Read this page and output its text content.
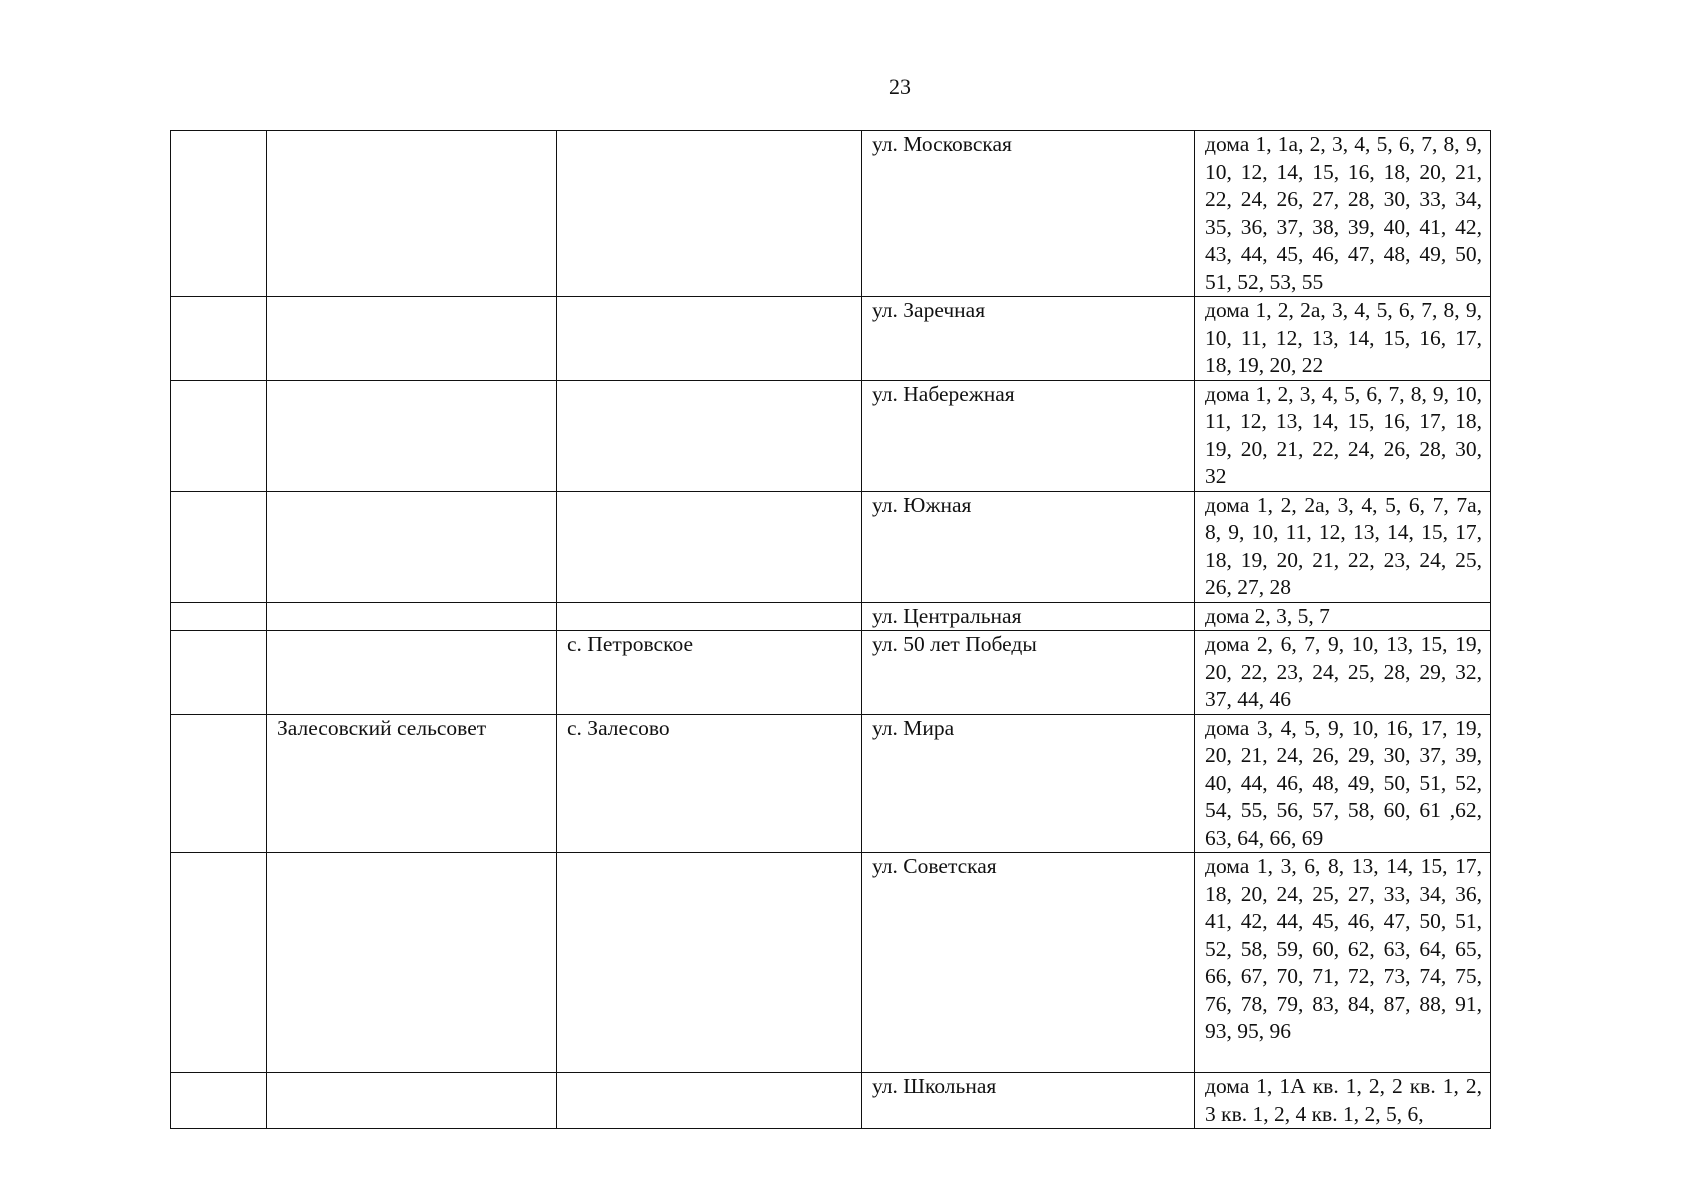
23
			ул. Московская	дома 1, 1а, 2, 3, 4, 5, 6, 7, 8, 9, 10, 12, 14, 15, 16, 18, 20, 21, 22, 24, 26, 27, 28, 30, 33, 34, 35, 36, 37, 38, 39, 40, 41, 42, 43, 44, 45, 46, 47, 48, 49, 50, 51, 52, 53, 55
			ул. Заречная	дома 1, 2, 2а, 3, 4, 5, 6, 7, 8, 9, 10, 11, 12, 13, 14, 15, 16, 17, 18, 19, 20, 22
			ул. Набережная	дома 1, 2, 3, 4, 5, 6, 7, 8, 9, 10, 11, 12, 13, 14, 15, 16, 17, 18, 19, 20, 21, 22, 24, 26, 28, 30, 32
			ул. Южная	дома 1, 2, 2а, 3, 4, 5, 6, 7, 7а, 8, 9, 10, 11, 12, 13, 14, 15, 17, 18, 19, 20, 21, 22, 23, 24, 25, 26, 27, 28
			ул. Центральная	дома 2, 3, 5, 7
		с. Петровское	ул. 50 лет Победы	дома 2, 6, 7, 9, 10, 13, 15, 19, 20, 22, 23, 24, 25, 28, 29, 32, 37, 44, 46
	Залесовский сельсовет	с. Залесово	ул. Мира	дома 3, 4, 5, 9, 10, 16, 17, 19, 20, 21, 24, 26, 29, 30, 37, 39, 40, 44, 46, 48, 49, 50, 51, 52, 54, 55, 56, 57, 58, 60, 61 ,62, 63, 64, 66, 69
			ул. Советская	дома 1, 3, 6, 8, 13, 14, 15, 17, 18, 20, 24, 25, 27, 33, 34, 36, 41, 42, 44, 45, 46, 47, 50, 51, 52, 58, 59, 60, 62, 63, 64, 65, 66, 67, 70, 71, 72, 73, 74, 75, 76, 78, 79, 83, 84, 87, 88, 91, 93, 95, 96
			ул. Школьная	дома 1, 1А кв. 1, 2, 2 кв. 1, 2, 3 кв. 1, 2, 4 кв. 1, 2, 5, 6,
